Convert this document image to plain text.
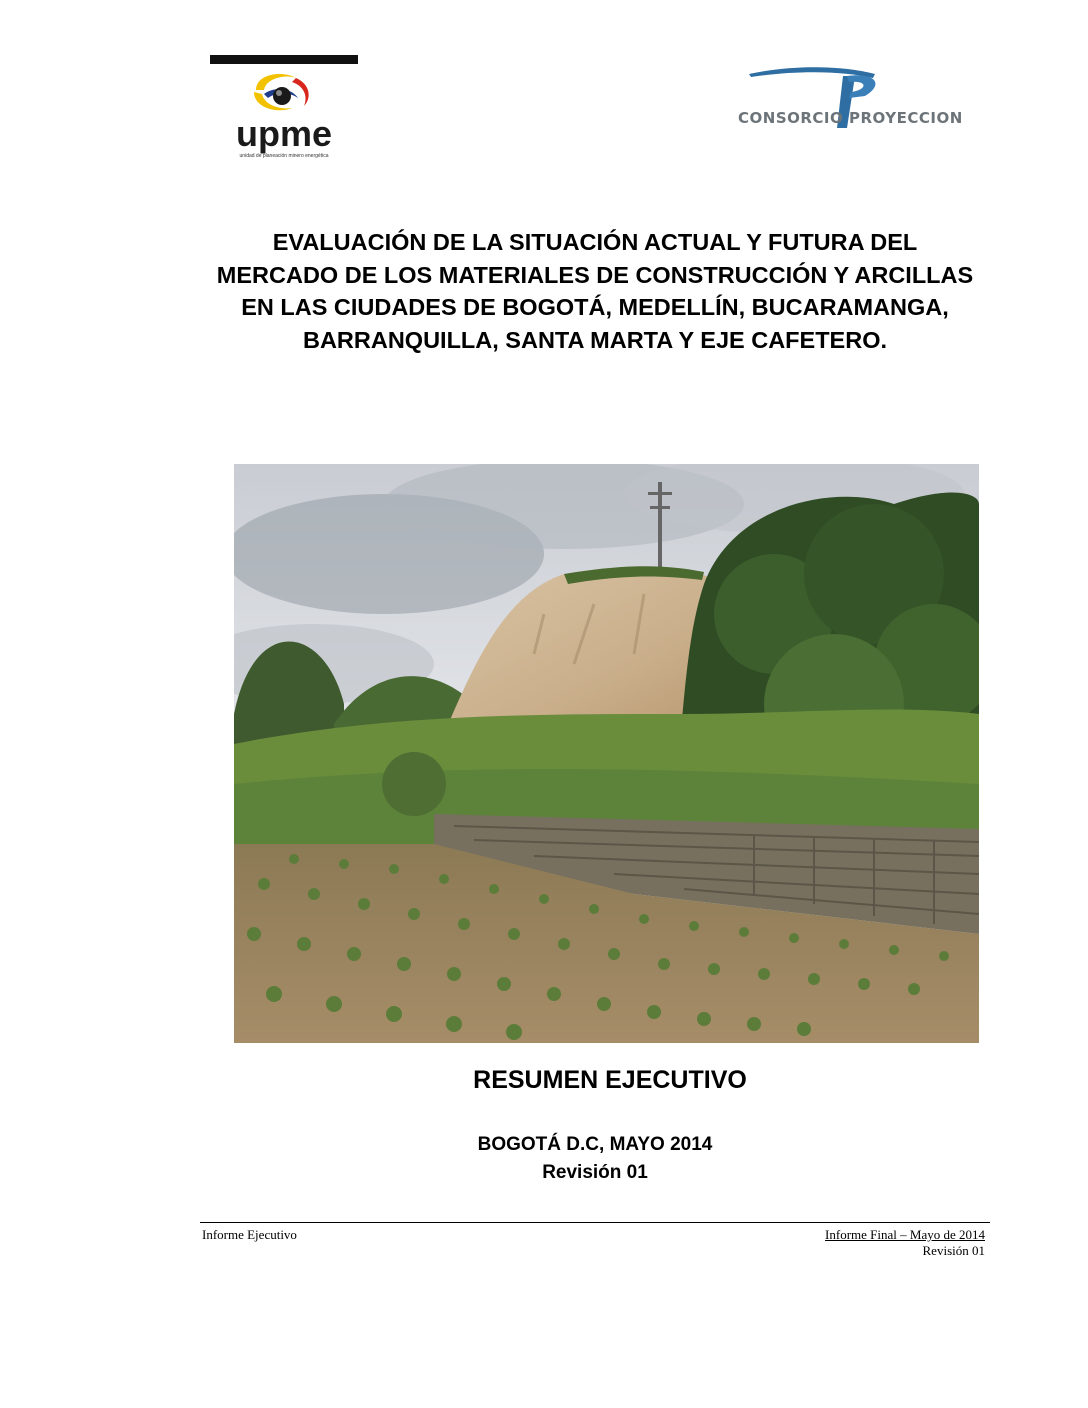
upme
unidad de planeación minero energética
CONSORCIO PROYECCION
EVALUACIÓN DE LA SITUACIÓN ACTUAL Y FUTURA DEL MERCADO DE LOS MATERIALES DE CONSTRUCCIÓN Y ARCILLAS EN LAS CIUDADES DE BOGOTÁ, MEDELLÍN, BUCARAMANGA, BARRANQUILLA, SANTA MARTA Y EJE CAFETERO.
RESUMEN EJECUTIVO
BOGOTÁ D.C, MAYO 2014
Revisión 01
Informe Ejecutivo	Informe Final – Mayo de 2014
Revisión 01
